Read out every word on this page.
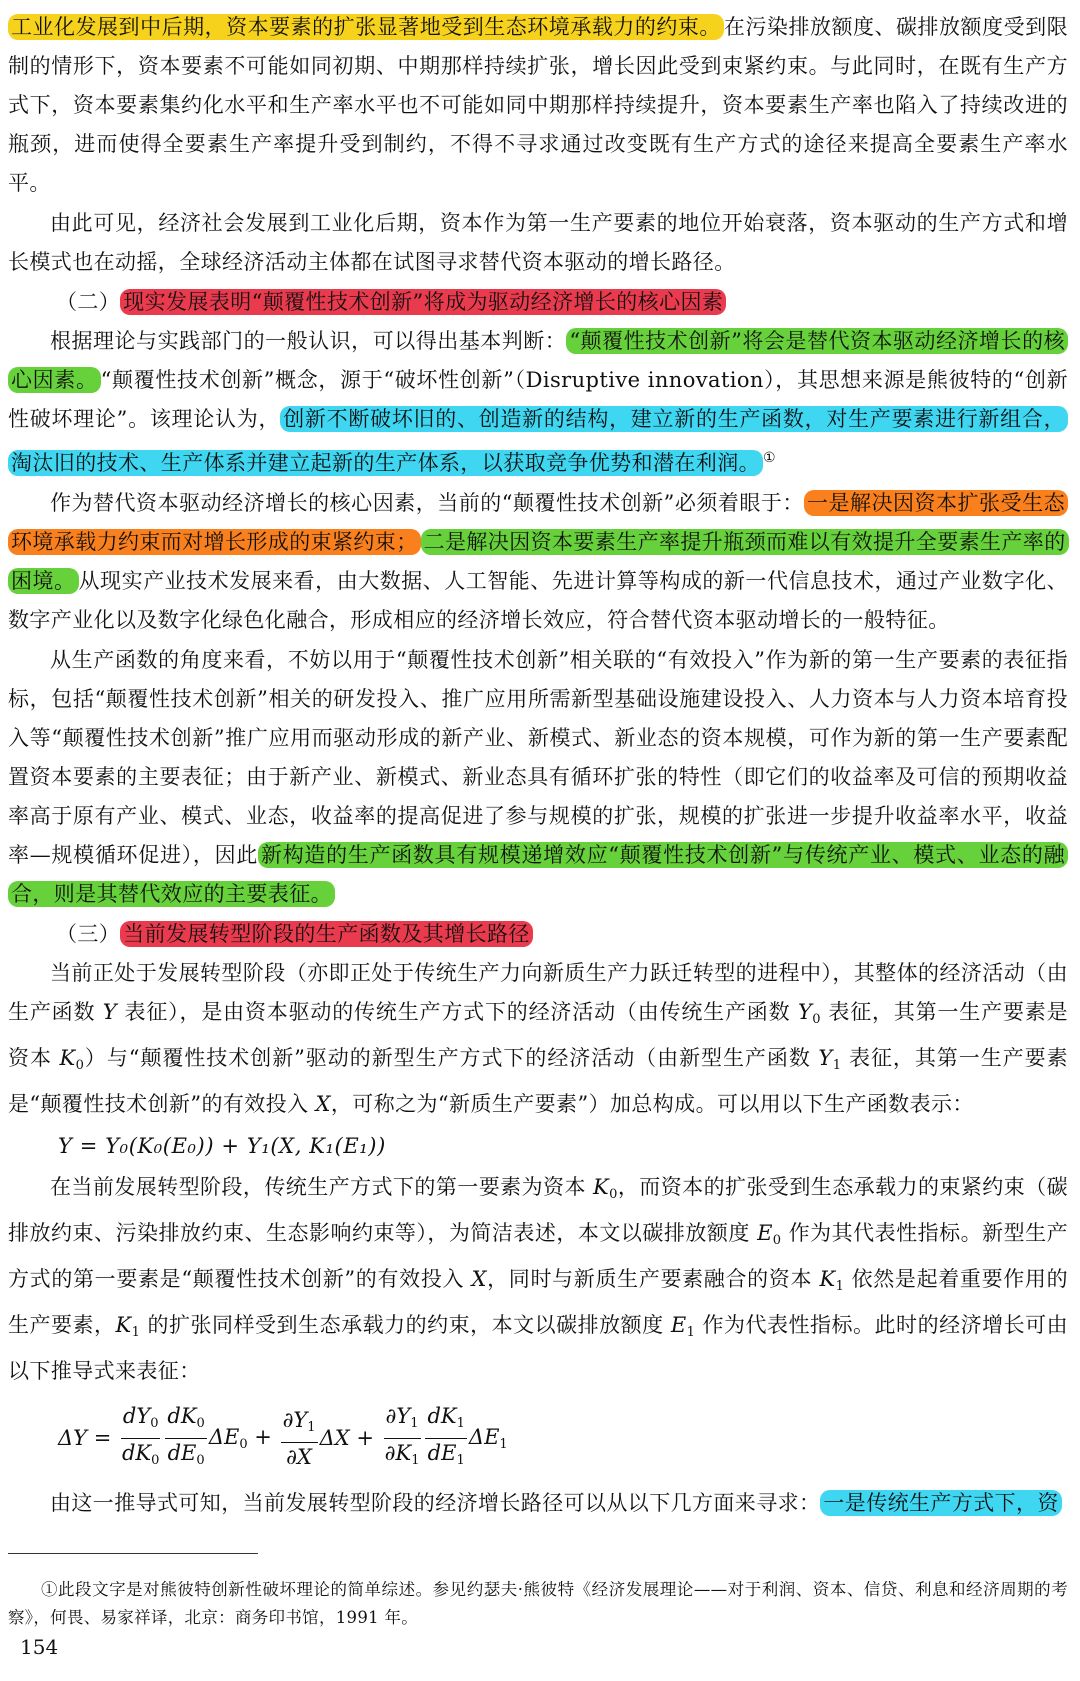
工业化发展到中后期，资本要素的扩张显著地受到生态环境承载力的约束。 在污染排放额度、碳排放额度受到限制的情形下，资本要素不可能如同初期、中期那样持续扩张，增长因此受到束紧约束。与此同时，在既有生产方式下，资本要素集约化水平和生产率水平也不可能如同中期那样持续提升，资本要素生产率也陷入了持续改进的瓶颈，进而使得全要素生产率提升受到制约，不得不寻求通过改变既有生产方式的途径来提高全要素生产率水平。

由此可见，经济社会发展到工业化后期，资本作为第一生产要素的地位开始衰落，资本驱动的生产方式和增长模式也在动摇，全球经济活动主体都在试图寻求替代资本驱动的增长路径。

（二） 现实发展表明“颠覆性技术创新”将成为驱动经济增长的核心因素

根据理论与实践部门的一般认识，可以得出基本判断： “颠覆性技术创新”将会是替代资本驱动经济增长的核心因素。 “颠覆性技术创新”概念，源于“破坏性创新”（Disruptive innovation），其思想来源是熊彼特的“创新性破坏理论”。该理论认为， 创新不断破坏旧的、创造新的结构，建立新的生产函数，对生产要素进行新组合，淘汰旧的技术、生产体系并建立起新的生产体系，以获取竞争优势和潜在利润。 ①

作为替代资本驱动经济增长的核心因素，当前的“颠覆性技术创新”必须着眼于： 一是解决因资本扩张受生态环境承载力约束而对增长形成的束紧约束； 二是解决因资本要素生产率提升瓶颈而难以有效提升全要素生产率的困境。 从现实产业技术发展来看，由大数据、人工智能、先进计算等构成的新一代信息技术，通过产业数字化、数字产业化以及数字化绿色化融合，形成相应的经济增长效应，符合替代资本驱动增长的一般特征。

从生产函数的角度来看，不妨以用于“颠覆性技术创新”相关联的“有效投入”作为新的第一生产要素的表征指标，包括“颠覆性技术创新”相关的研发投入、推广应用所需新型基础设施建设投入、人力资本与人力资本培育投入等“颠覆性技术创新”推广应用而驱动形成的新产业、新模式、新业态的资本规模，可作为新的第一生产要素配置资本要素的主要表征；由于新产业、新模式、新业态具有循环扩张的特性（即它们的收益率及可信的预期收益率高于原有产业、模式、业态，收益率的提高促进了参与规模的扩张，规模的扩张进一步提升收益率水平，收益率—规模循环促进），因此 新构造的生产函数具有规模递增效应“颠覆性技术创新”与传统产业、模式、业态的融合，则是其替代效应的主要表征。

（三） 当前发展转型阶段的生产函数及其增长路径

当前正处于发展转型阶段（亦即正处于传统生产力向新质生产力跃迁转型的进程中），其整体的经济活动（由生产函数 Y 表征），是由资本驱动的传统生产方式下的经济活动（由传统生产函数 $Y_0$ 表征，其第一生产要素是资本 $K_0$）与“颠覆性技术创新”驱动的新型生产方式下的经济活动（由新型生产函数 $Y_1$ 表征，其第一生产要素是“颠覆性技术创新”的有效投入 X，可称之为“新质生产要素”）加总构成。可以用以下生产函数表示：

Y = Y₀(K₀(E₀)) + Y₁(X, K₁(E₁))

在当前发展转型阶段，传统生产方式下的第一要素为资本 $K_0$，而资本的扩张受到生态承载力的束紧约束（碳排放约束、污染排放约束、生态影响约束等），为简洁表述，本文以碳排放额度 $E_0$ 作为其代表性指标。新型生产方式的第一要素是“颠覆性技术创新”的有效投入 X，同时与新质生产要素融合的资本 $K_1$ 依然是起着重要作用的生产要素，$K_1$ 的扩张同样受到生态承载力的约束，本文以碳排放额度 $E_1$ 作为代表性指标。此时的经济增长可由以下推导式来表征：

$\Delta Y = \frac{dY_0}{dK_0} \frac{dK_0}{dE_0} \Delta E_0 + \frac{\partial Y_1}{\partial X}$ $\Delta X + \frac{\partial Y_1}{\partial K_1} \frac{dK_1}{dE_1} \Delta E_1$

由这一推导式可知，当前发展转型阶段的经济增长路径可以从以下几方面来寻求： 一是传统生产方式下，资

①此段文字是对熊彼特创新性破坏理论的简单综述。参见约瑟夫·熊彼特《经济发展理论——对于利润、资本、信贷、利息和经济周期的考察》，何畏、易家祥译，北京：商务印书馆，1991 年。

154
